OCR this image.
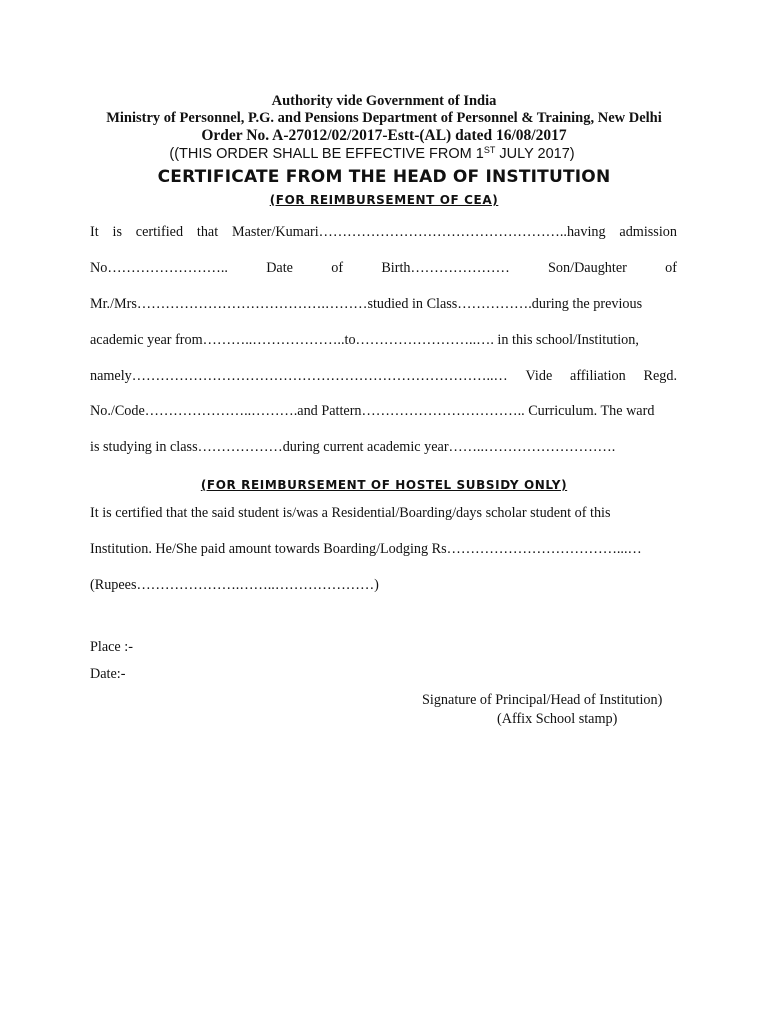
Authority vide Government of India
Ministry of Personnel, P.G. and Pensions Department of Personnel & Training, New Delhi
Order No. A-27012/02/2017-Estt-(AL) dated 16/08/2017
((THIS ORDER SHALL BE EFFECTIVE FROM 1ST JULY 2017)
CERTIFICATE FROM THE HEAD OF INSTITUTION
(FOR REIMBURSEMENT OF CEA)
It is certified that Master/Kumari……………………………………………..having admission
No……………………..	Date	of	Birth…………………	Son/Daughter	of
Mr./Mrs………………………………….………studied in Class…………….during the previous
academic year from………..………………..to……………………..…. in this school/Institution,
namely…………………………………………………………………..… Vide affiliation Regd.
No./Code…………………..……….and Pattern…………………………….. Curriculum. The ward
is studying in class………………during current academic year……..……………………….
(FOR REIMBURSEMENT OF HOSTEL SUBSIDY ONLY)
It is certified that the said student is/was a Residential/Boarding/days scholar student of this
Institution. He/She paid amount towards Boarding/Lodging Rs………………………………...…
(Rupees………………….……..…………………)
Place :-
Date:-
Signature of Principal/Head of Institution)
(Affix School stamp)
